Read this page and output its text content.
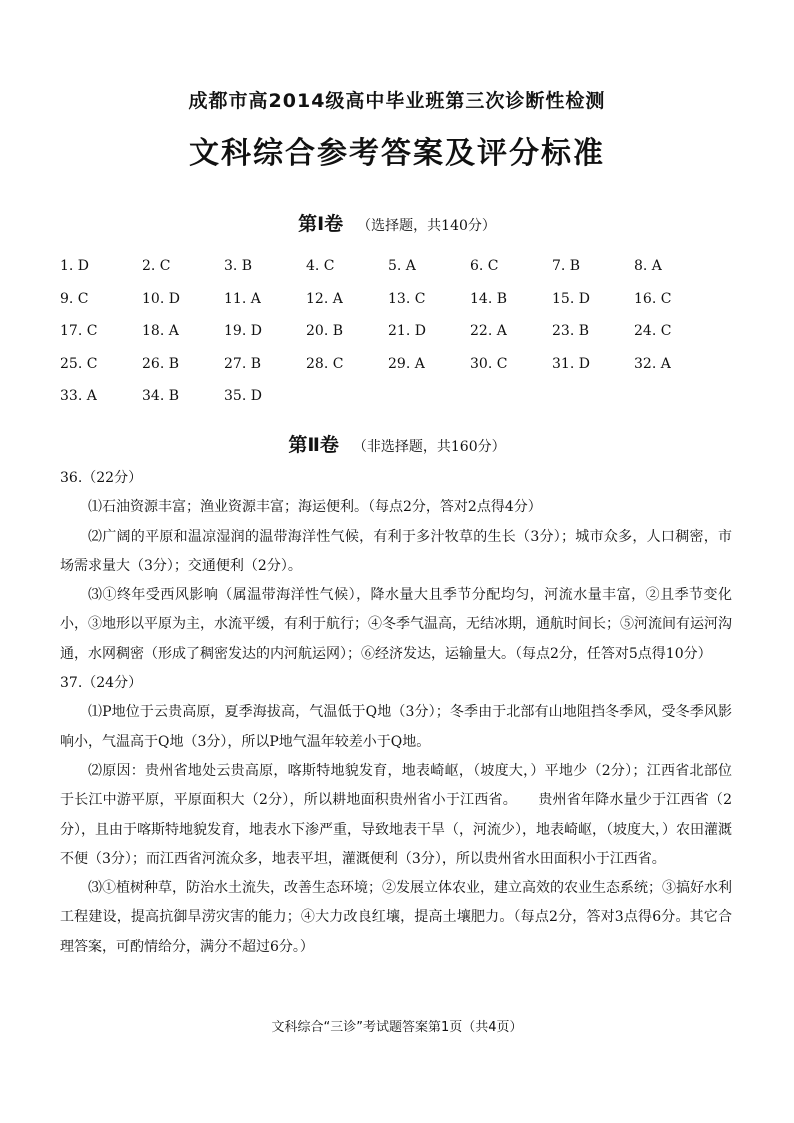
成都市高2014级高中毕业班第三次诊断性检测
文科综合参考答案及评分标准
第Ⅰ卷 （选择题，共140分）
1. D	2. C	3. B	4. C	5. A	6. C	7. B	8. A
9. C	10. D	11. A	12. A	13. C	14. B	15. D	16. C
17. C	18. A	19. D	20. B	21. D	22. A	23. B	24. C
25. C	26. B	27. B	28. C	29. A	30. C	31. D	32. A
33. A	34. B	35. D
第Ⅱ卷 （非选择题，共160分）

36.（22分）

⑴石油资源丰富；渔业资源丰富；海运便利。（每点2分，答对2点得4分）

⑵广阔的平原和温凉湿润的温带海洋性气候，有利于多汁牧草的生长（3分）；城市众多，人口稠密，市场需求量大（3分）；交通便利（2分）。

⑶①终年受西风影响（属温带海洋性气候），降水量大且季节分配均匀，河流水量丰富，②且季节变化小，③地形以平原为主，水流平缓，有利于航行；④冬季气温高，无结冰期，通航时间长；⑤河流间有运河沟通，水网稠密（形成了稠密发达的内河航运网）；⑥经济发达，运输量大。（每点2分，任答对5点得10分）

37.（24分）

⑴P地位于云贵高原，夏季海拔高，气温低于Q地（3分）；冬季由于北部有山地阻挡冬季风，受冬季风影响小，气温高于Q地（3分），所以P地气温年较差小于Q地。

⑵原因：贵州省地处云贵高原，喀斯特地貌发育，地表崎岖，（坡度大，）平地少（2分）；江西省北部位于长江中游平原，平原面积大（2分），所以耕地面积贵州省小于江西省。　　贵州省年降水量少于江西省（2分），且由于喀斯特地貌发育，地表水下渗严重，导致地表干旱（，河流少），地表崎岖，（坡度大，）农田灌溉不便（3分）；而江西省河流众多，地表平坦，灌溉便利（3分），所以贵州省水田面积小于江西省。

⑶①植树种草，防治水土流失，改善生态环境；②发展立体农业，建立高效的农业生态系统；③搞好水利工程建设，提高抗御旱涝灾害的能力；④大力改良红壤，提高土壤肥力。（每点2分，答对3点得6分。其它合理答案，可酌情给分，满分不超过6分。）

文科综合“三诊”考试题答案第1页（共4页）
